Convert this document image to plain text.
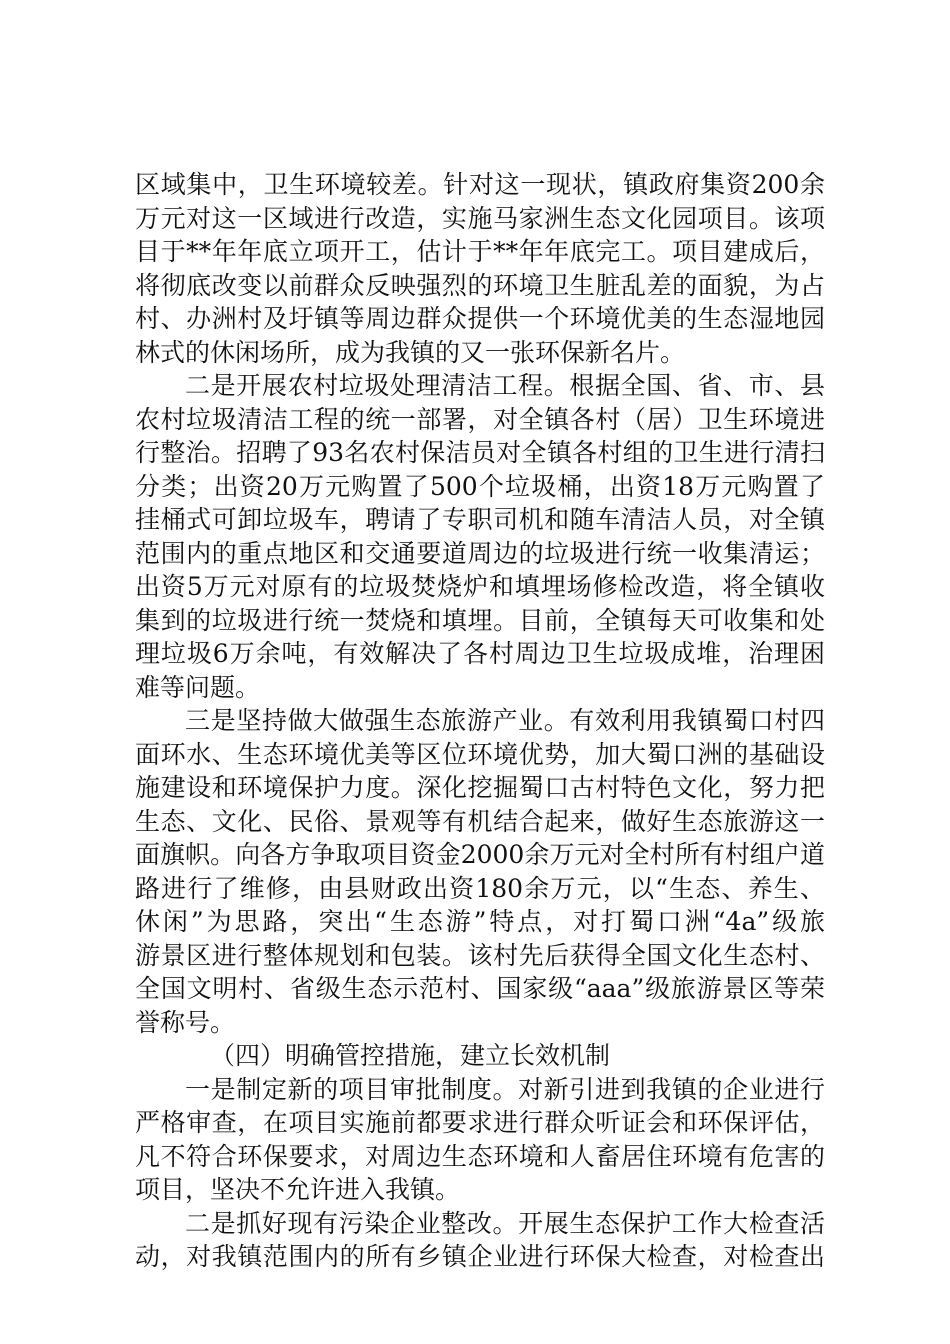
区域集中，卫生环境较差。针对这一现状，镇政府集资200余
万元对这一区域进行改造，实施马家洲生态文化园项目。该项
目于**年年底立项开工，估计于**年年底完工。项目建成后，
将彻底改变以前群众反映强烈的环境卫生脏乱差的面貌，为占
村、办洲村及圩镇等周边群众提供一个环境优美的生态湿地园
林式的休闲场所，成为我镇的又一张环保新名片。
二是开展农村垃圾处理清洁工程。根据全国、省、市、县
农村垃圾清洁工程的统一部署，对全镇各村（居）卫生环境进
行整治。招聘了93名农村保洁员对全镇各村组的卫生进行清扫
分类；出资20万元购置了500个垃圾桶，出资18万元购置了
挂桶式可卸垃圾车，聘请了专职司机和随车清洁人员，对全镇
范围内的重点地区和交通要道周边的垃圾进行统一收集清运；
出资5万元对原有的垃圾焚烧炉和填埋场修检改造，将全镇收
集到的垃圾进行统一焚烧和填埋。目前，全镇每天可收集和处
理垃圾6万余吨，有效解决了各村周边卫生垃圾成堆，治理困
难等问题。
三是坚持做大做强生态旅游产业。有效利用我镇蜀口村四
面环水、生态环境优美等区位环境优势，加大蜀口洲的基础设
施建设和环境保护力度。深化挖掘蜀口古村特色文化，努力把
生态、文化、民俗、景观等有机结合起来，做好生态旅游这一
面旗帜。向各方争取项目资金2000余万元对全村所有村组户道
路进行了维修，由县财政出资180余万元，以“生态、养生、
休闲”为思路，突出“生态游”特点，对打蜀口洲“4a”级旅
游景区进行整体规划和包装。该村先后获得全国文化生态村、
全国文明村、省级生态示范村、国家级“aaa”级旅游景区等荣
誉称号。
（四）明确管控措施，建立长效机制
一是制定新的项目审批制度。对新引进到我镇的企业进行
严格审查，在项目实施前都要求进行群众听证会和环保评估，
凡不符合环保要求，对周边生态环境和人畜居住环境有危害的
项目，坚决不允许进入我镇。
二是抓好现有污染企业整改。开展生态保护工作大检查活
动，对我镇范围内的所有乡镇企业进行环保大检查，对检查出
